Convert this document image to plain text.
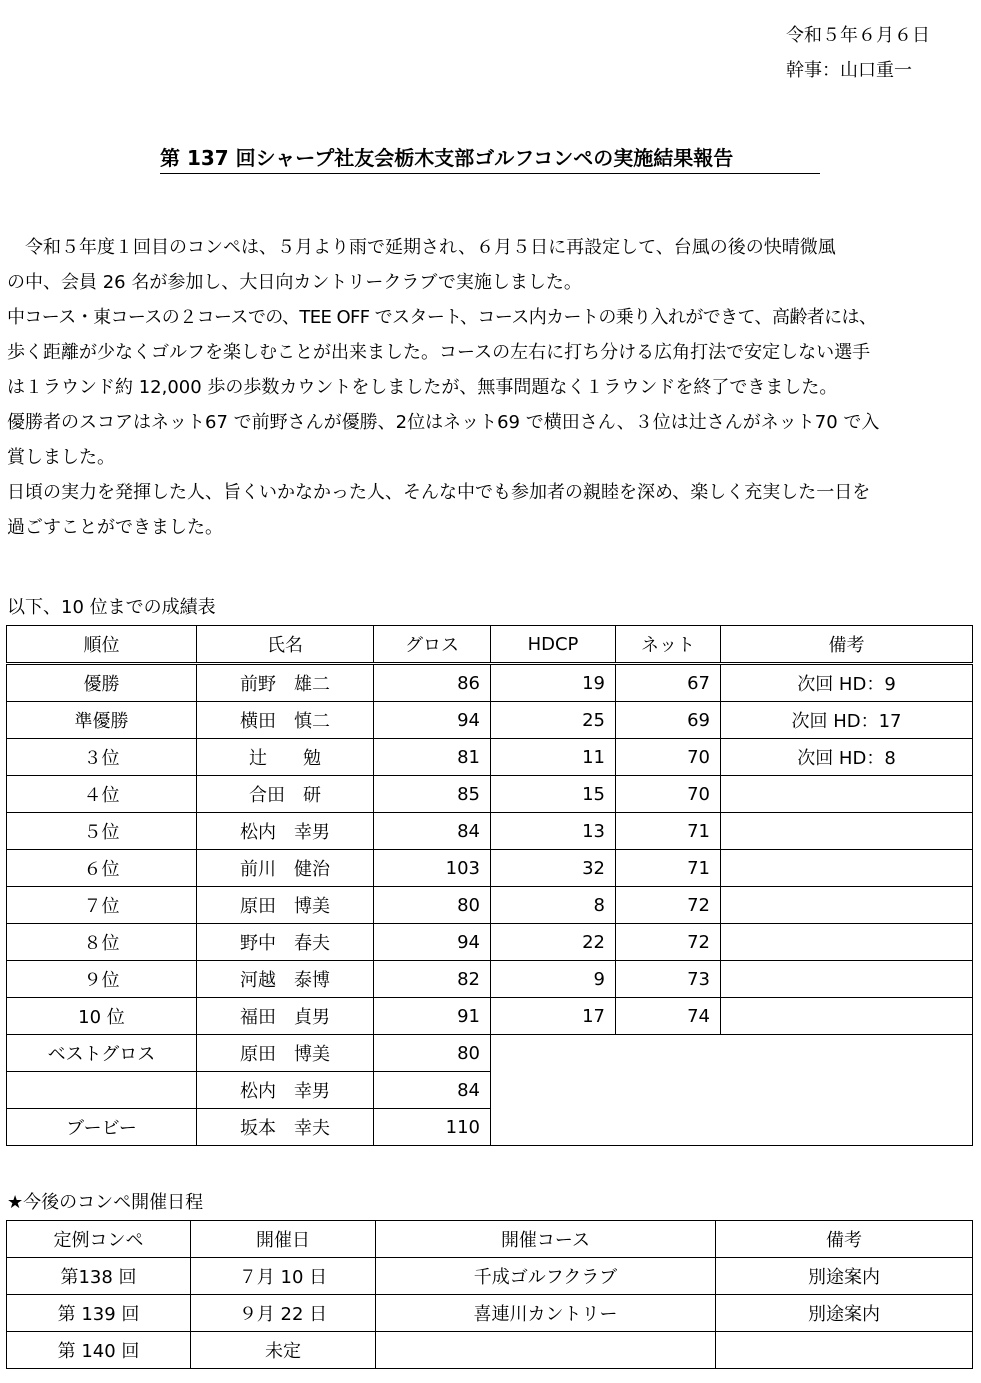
令和５年６月６日
幹事：山口重一
第 137 回シャープ社友会栃木支部ゴルフコンペの実施結果報告

　令和５年度１回目のコンペは、５月より雨で延期され、６月５日に再設定して、台風の後の快晴微風

の中、会員 26 名が参加し、大日向カントリークラブで実施しました。

中コース・東コースの２コースでの、TEE OFF でスタート、コース内カートの乗り入れができて、高齢者には、

歩く距離が少なくゴルフを楽しむことが出来ました。コースの左右に打ち分ける広角打法で安定しない選手

は１ラウンド約 12,000 歩の歩数カウントをしましたが、無事問題なく１ラウンドを終了できました。

優勝者のスコアはネット67 で前野さんが優勝、2位はネット69 で横田さん、３位は辻さんがネット70 で入

賞しました。

日頃の実力を発揮した人、旨くいかなかった人、そんな中でも参加者の親睦を深め、楽しく充実した一日を

過ごすことができました。

以下、10 位までの成績表
順位	氏名	グロス	HDCP	ネット	備考
優勝	前野　雄二	86	19	67	次回 HD：9
準優勝	横田　慎二	94	25	69	次回 HD：17
３位	辻　　勉	81	11	70	次回 HD：8
４位	合田　研	85	15	70	
５位	松内　幸男	84	13	71	
６位	前川　健治	103	32	71	
７位	原田　博美	80	8	72	
８位	野中　春夫	94	22	72	
９位	河越　泰博	82	9	73	
10 位	福田　貞男	91	17	74	
ベストグロス	原田　博美	80			
	松内　幸男	84			
ブービー	坂本　幸夫	110			
★今後のコンペ開催日程
定例コンペ	開催日	開催コース	備考
第138 回	７月 10 日	千成ゴルフクラブ	別途案内
第 139 回	９月 22 日	喜連川カントリー	別途案内
第 140 回	未定		
